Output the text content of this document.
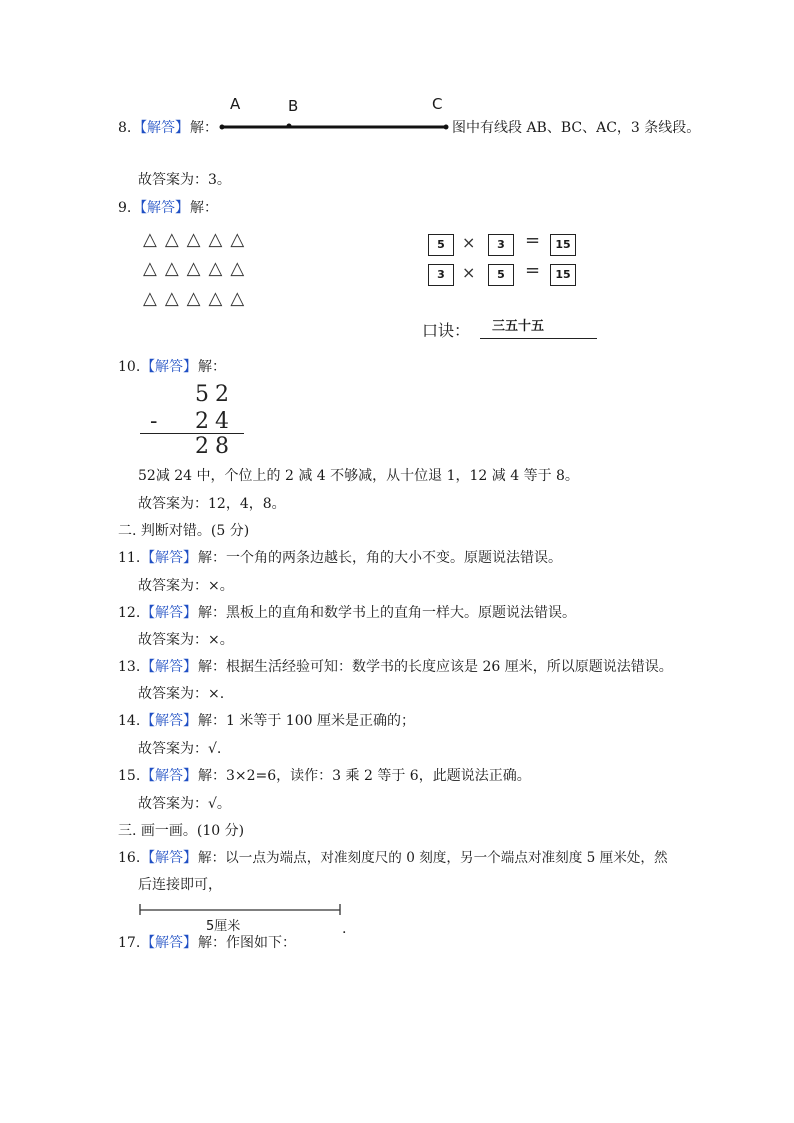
A	B	C
8. 【解答】 解：	图中有线段 AB、BC、AC，3 条线段。
故答案为：3。
9. 【解答】 解：
△△△△△
△△△△△
△△△△△
5	×	3	=	15
3	×	5	=	15
口诀： 三五十五
10. 【解答】 解：
5 2
- 2 4
2 8
52减 24 中，个位上的 2 减 4 不够减，从十位退 1，12 减 4 等于 8。
故答案为：12，4，8。
二. 判断对错。(5 分)
11. 【解答】 解：一个角的两条边越长，角的大小不变。原题说法错误。
故答案为：×。
12. 【解答】 解：黑板上的直角和数学书上的直角一样大。原题说法错误。
故答案为：×。
13. 【解答】 解：根据生活经验可知：数学书的长度应该是 26 厘米，所以原题说法错误。
故答案为：×.
14. 【解答】 解：1 米等于 100 厘米是正确的；
故答案为：√.
15. 【解答】 解：3×2=6，读作：3 乘 2 等于 6，此题说法正确。
故答案为：√。
三. 画一画。(10 分)
16. 【解答】 解：以一点为端点，对准刻度尺的 0 刻度，另一个端点对准刻度 5 厘米处，然
后连接即可，
5厘米	.
17. 【解答】 解：作图如下：
